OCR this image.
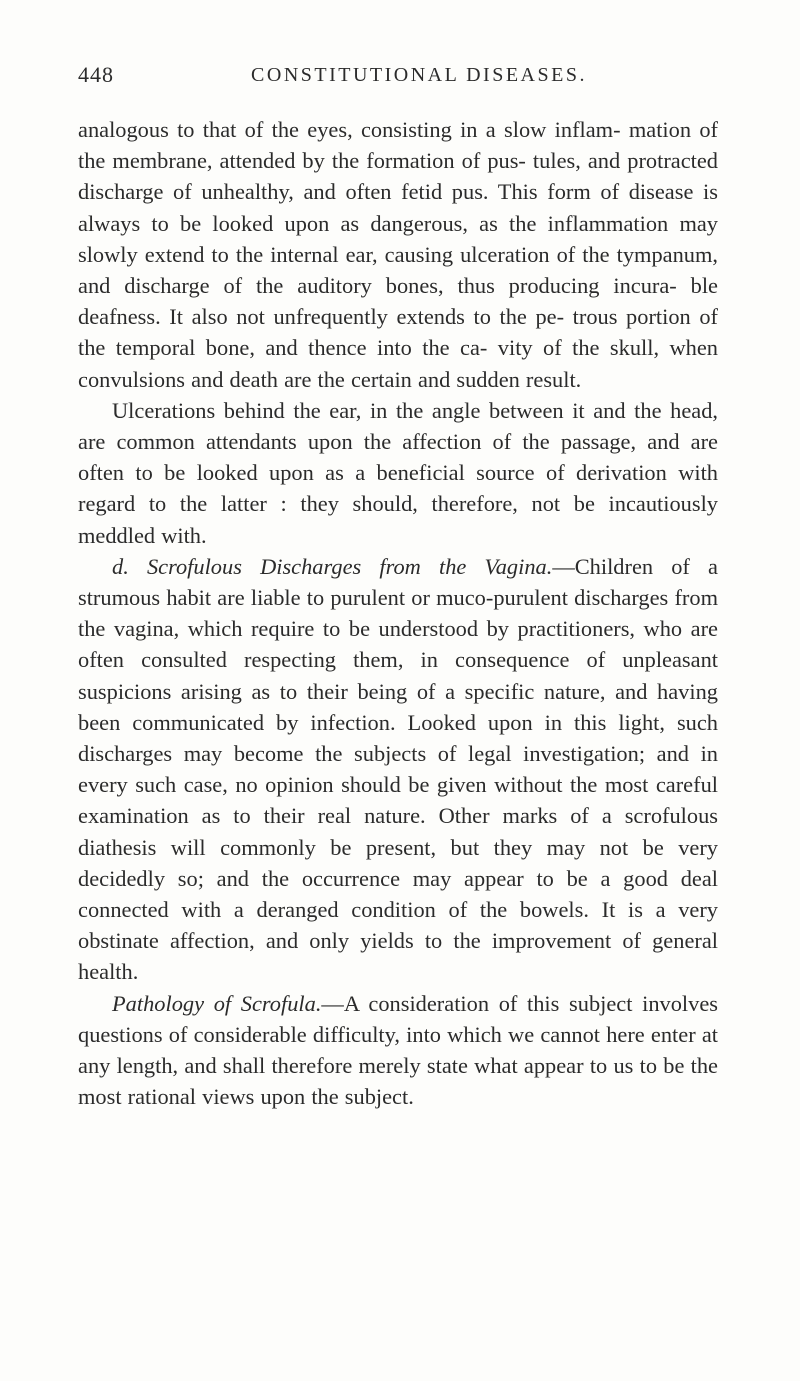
448	CONSTITUTIONAL DISEASES.

analogous to that of the eyes, consisting in a slow inflam- mation of the membrane, attended by the formation of pus- tules, and protracted discharge of unhealthy, and often fetid pus. This form of disease is always to be looked upon as dangerous, as the inflammation may slowly extend to the internal ear, causing ulceration of the tympanum, and discharge of the auditory bones, thus producing incura- ble deafness. It also not unfrequently extends to the pe- trous portion of the temporal bone, and thence into the ca- vity of the skull, when convulsions and death are the certain and sudden result.

Ulcerations behind the ear, in the angle between it and the head, are common attendants upon the affection of the passage, and are often to be looked upon as a beneficial source of derivation with regard to the latter : they should, therefore, not be incautiously meddled with.

d. Scrofulous Discharges from the Vagina.—Children of a strumous habit are liable to purulent or muco-purulent discharges from the vagina, which require to be understood by practitioners, who are often consulted respecting them, in consequence of unpleasant suspicions arising as to their being of a specific nature, and having been communicated by infection. Looked upon in this light, such discharges may become the subjects of legal investigation; and in every such case, no opinion should be given without the most careful examination as to their real nature. Other marks of a scrofulous diathesis will commonly be present, but they may not be very decidedly so; and the occurrence may appear to be a good deal connected with a deranged condition of the bowels. It is a very obstinate affection, and only yields to the improvement of general health.

Pathology of Scrofula.—A consideration of this subject involves questions of considerable difficulty, into which we cannot here enter at any length, and shall therefore merely state what appear to us to be the most rational views upon the subject.
